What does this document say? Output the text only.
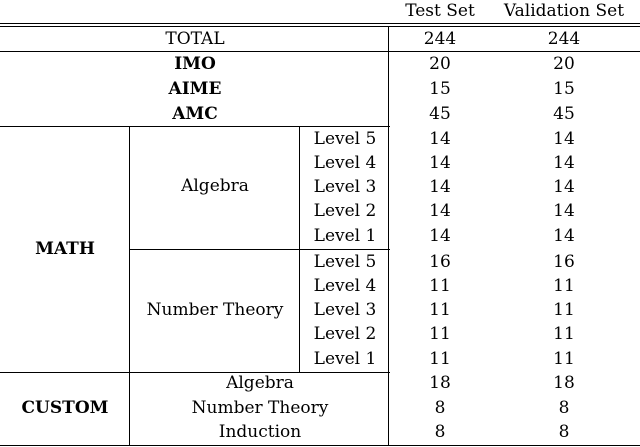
Test Set	Validation Set
TOTAL	244	244
IMO	20	20
AIME	15	15
AMC	45	45
MATH
Algebra
Level 5	14	14
Level 4	14	14
Level 3	14	14
Level 2	14	14
Level 1	14	14
Number Theory
Level 5	16	16
Level 4	11	11
Level 3	11	11
Level 2	11	11
Level 1	11	11
CUSTOM
Algebra	18	18
Number Theory	8	8
Induction	8	8
